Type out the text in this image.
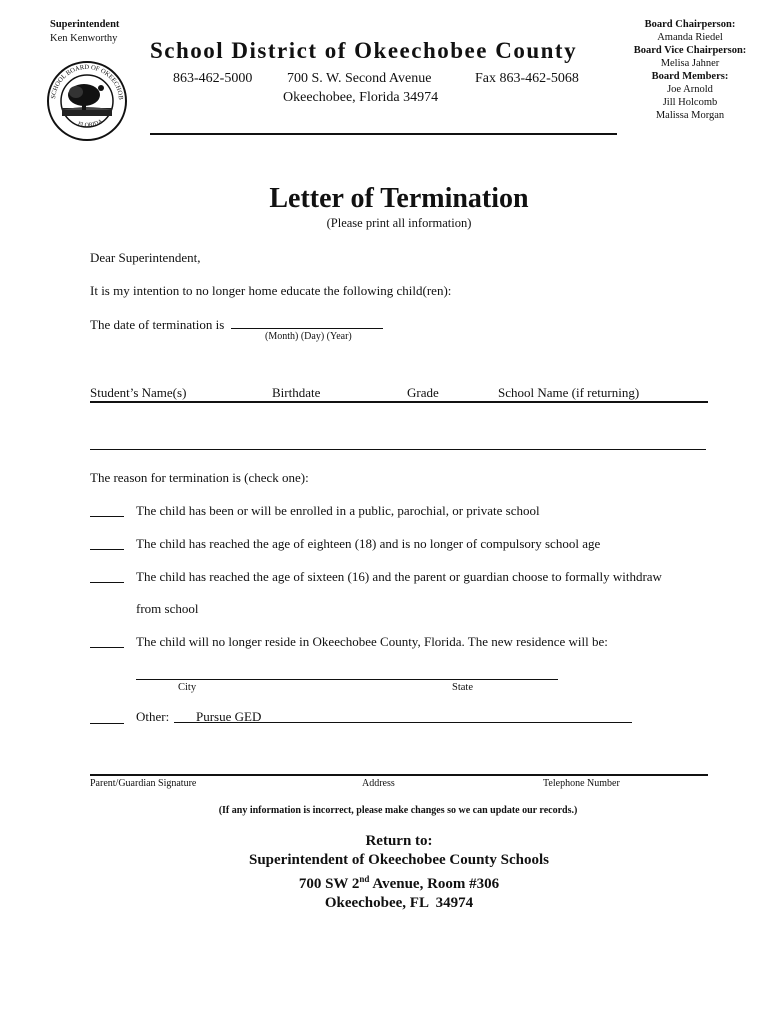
Superintendent
Ken Kenworthy
SCHOOL BOARD OF OKEECHOB
FLORIDA
School District of Okeechobee County
863-462-5000 700 S. W. Second Avenue	Fax 863-462-5068
Okeechobee, Florida 34974
Board Chairperson:
Amanda Riedel
Board Vice Chairperson:
Melisa Jahner
Board Members:
Joe Arnold
Jill Holcomb
Malissa Morgan
Letter of Termination
(Please print all information)
Dear Superintendent,
It is my intention to no longer home educate the following child(ren):
The date of termination is
(Month) (Day) (Year)
Student’s Name(s)	Birthdate	Grade	School Name (if returning)
The reason for termination is (check one):
The child has been or will be enrolled in a public, parochial, or private school
The child has reached the age of eighteen (18) and is no longer of compulsory school age
The child has reached the age of sixteen (16) and the parent or guardian choose to formally withdraw
from school
The child will no longer reside in Okeechobee County, Florida. The new residence will be:
City	State
Other: Pursue GED
Parent/Guardian Signature	Address	Telephone Number
(If any information is incorrect, please make changes so we can update our records.)
Return to:
Superintendent of Okeechobee County Schools
700 SW 2nd Avenue, Room #306
Okeechobee, FL  34974
